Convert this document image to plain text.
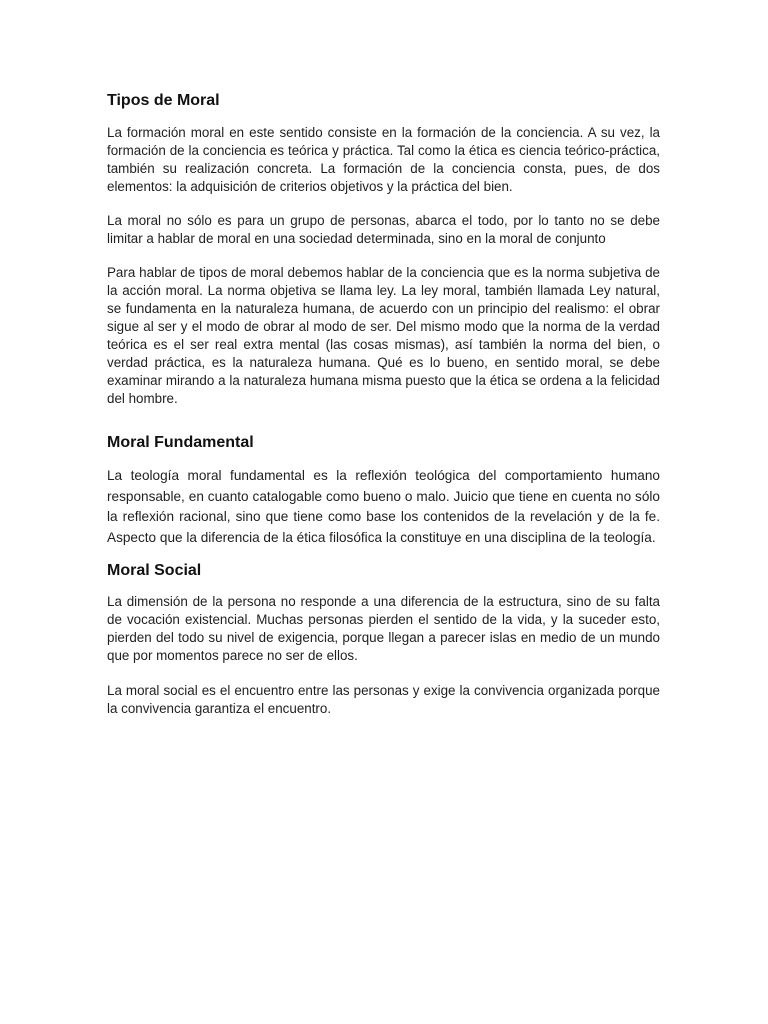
Tipos de Moral

La formación moral en este sentido consiste en la formación de la conciencia. A su vez, la formación de la conciencia es teórica y práctica. Tal como la ética es ciencia teórico-práctica, también su realización concreta. La formación de la conciencia consta, pues, de dos elementos: la adquisición de criterios objetivos y la práctica del bien.

La moral no sólo es para un grupo de personas, abarca el todo, por lo tanto no se debe limitar a hablar de moral en una sociedad determinada, sino en la moral de conjunto

Para hablar de tipos de moral debemos hablar de la conciencia que es la norma subjetiva de la acción moral. La norma objetiva se llama ley. La ley moral, también llamada Ley natural, se fundamenta en la naturaleza humana, de acuerdo con un principio del realismo: el obrar sigue al ser y el modo de obrar al modo de ser. Del mismo modo que la norma de la verdad teórica es el ser real extra mental (las cosas mismas), así también la norma del bien, o verdad práctica, es la naturaleza humana. Qué es lo bueno, en sentido moral, se debe examinar mirando a la naturaleza humana misma puesto que la ética se ordena a la felicidad del hombre.

Moral Fundamental

La teología moral fundamental es la reflexión teológica del comportamiento humano responsable, en cuanto catalogable como bueno o malo. Juicio que tiene en cuenta no sólo la reflexión racional, sino que tiene como base los contenidos de la revelación y de la fe. Aspecto que la diferencia de la ética filosófica la constituye en una disciplina de la teología.

Moral Social

La dimensión de la persona no responde a una diferencia de la estructura, sino de su falta de vocación existencial. Muchas personas pierden el sentido de la vida, y la suceder esto, pierden del todo su nivel de exigencia, porque llegan a parecer islas en medio de un mundo que por momentos parece no ser de ellos.

La moral social es el encuentro entre las personas y exige la convivencia organizada porque la convivencia garantiza el encuentro.
